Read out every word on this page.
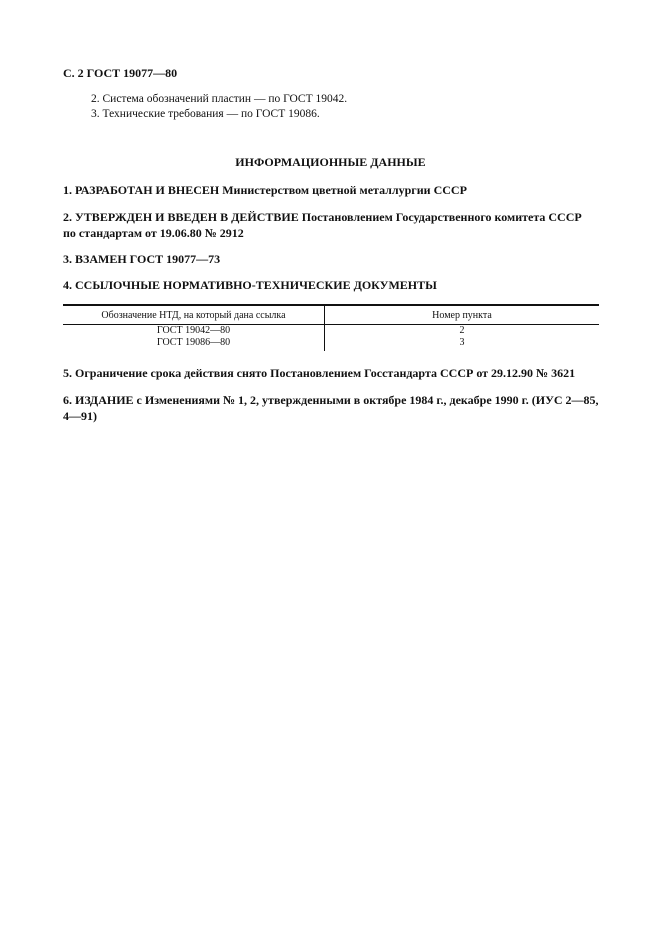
С. 2 ГОСТ 19077—80
2. Система обозначений пластин — по ГОСТ 19042.
3. Технические требования — по ГОСТ 19086.
ИНФОРМАЦИОННЫЕ ДАННЫЕ
1. РАЗРАБОТАН И ВНЕСЕН Министерством цветной металлургии СССР
2. УТВЕРЖДЕН И ВВЕДЕН В ДЕЙСТВИЕ Постановлением Государственного комитета СССР
по стандартам от 19.06.80 № 2912
3. ВЗАМЕН ГОСТ 19077—73
4. ССЫЛОЧНЫЕ НОРМАТИВНО-ТЕХНИЧЕСКИЕ ДОКУМЕНТЫ
Обозначение НТД, на который дана ссылка	Номер пункта
ГОСТ 19042—80	2
ГОСТ 19086—80	3
5. Ограничение срока действия снято Постановлением Госстандарта СССР от 29.12.90 № 3621
6. ИЗДАНИЕ с Изменениями № 1, 2, утвержденными в октябре 1984 г., декабре 1990 г. (ИУС 2—85,
4—91)
